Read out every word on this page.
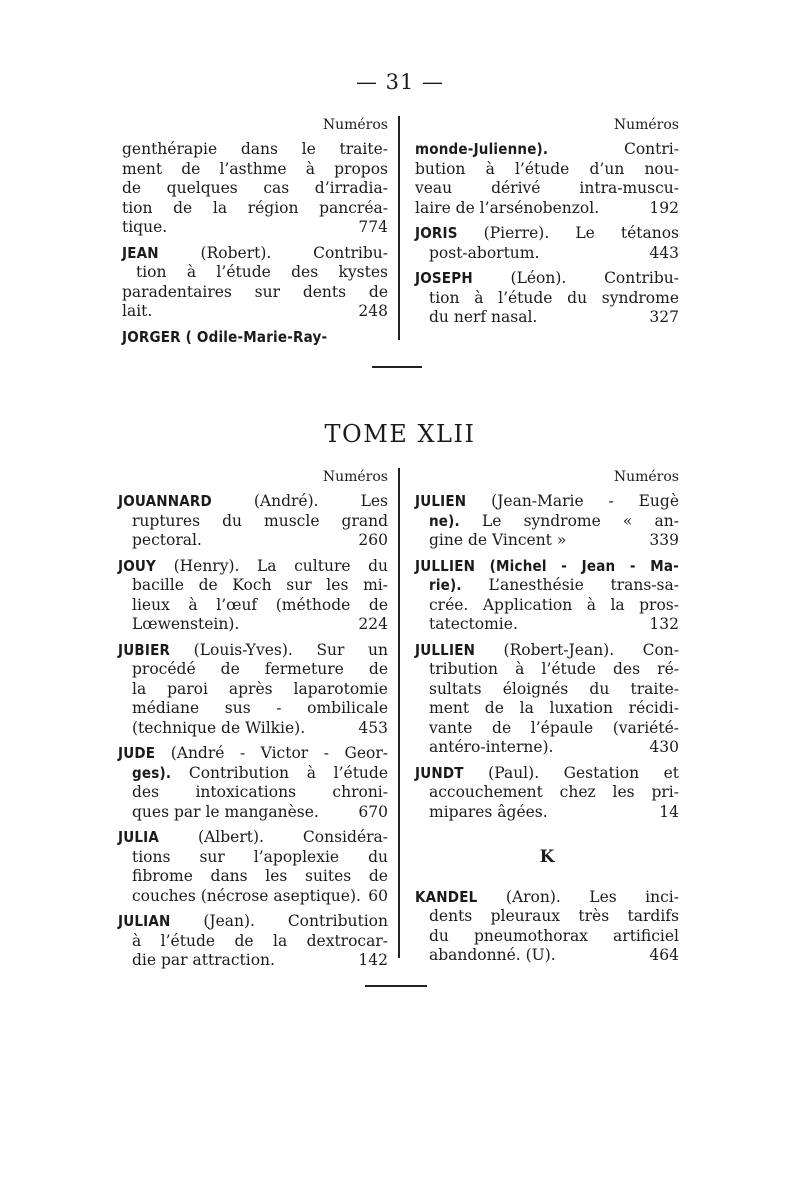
— 31 —
Numéros
genthérapie dans le traite-
ment de l’asthme à propos
de quelques cas d’irradia-
tion de la région pancréa-
tique.	774
JEAN (Robert). Contribu-
tion à l’étude des kystes
paradentaires sur dents de
lait.	248
JORGER ( Odile-Marie-Ray-
Numéros
monde-Julienne). Contri-
bution à l’étude d’un nou-
veau dérivé intra-muscu-
laire de l’arsénobenzol.	192
JORIS (Pierre). Le tétanos
post-abortum.	443
JOSEPH (Léon). Contribu-
tion à l’étude du syndrome
du nerf nasal.	327
TOME XLII
Numéros
JOUANNARD (André). Les
ruptures du muscle grand
pectoral.	260
JOUY (Henry). La culture du
bacille de Koch sur les mi-
lieux à l’œuf (méthode de
Lœwenstein).	224
JUBIER (Louis-Yves). Sur un
procédé de fermeture de
la paroi après laparotomie
médiane sus - ombilicale
(technique de Wilkie).	453
JUDE (André - Victor - Geor-
ges). Contribution à l’étude
des intoxications chroni-
ques par le manganèse.	670
JULIA (Albert). Considéra-
tions sur l’apoplexie du
fibrome dans les suites de
couches (nécrose aseptique). 60
JULIAN (Jean). Contribution
à l’étude de la dextrocar-
die par attraction.	142
Numéros
JULIEN (Jean-Marie - Eugè
ne). Le syndrome « an-
gine de Vincent »	339
JULLIEN (Michel - Jean - Ma-
rie). L’anesthésie trans-sa-
crée. Application à la pros-
tatectomie.	132
JULLIEN (Robert-Jean). Con-
tribution à l’étude des ré-
sultats éloignés du traite-
ment de la luxation récidi-
vante de l’épaule (variété-
antéro-interne).	430
JUNDT (Paul). Gestation et
accouchement chez les pri-
mipares âgées.	14
K
KANDEL (Aron). Les inci-
dents pleuraux très tardifs
du pneumothorax artificiel
abandonné. (U).	464
